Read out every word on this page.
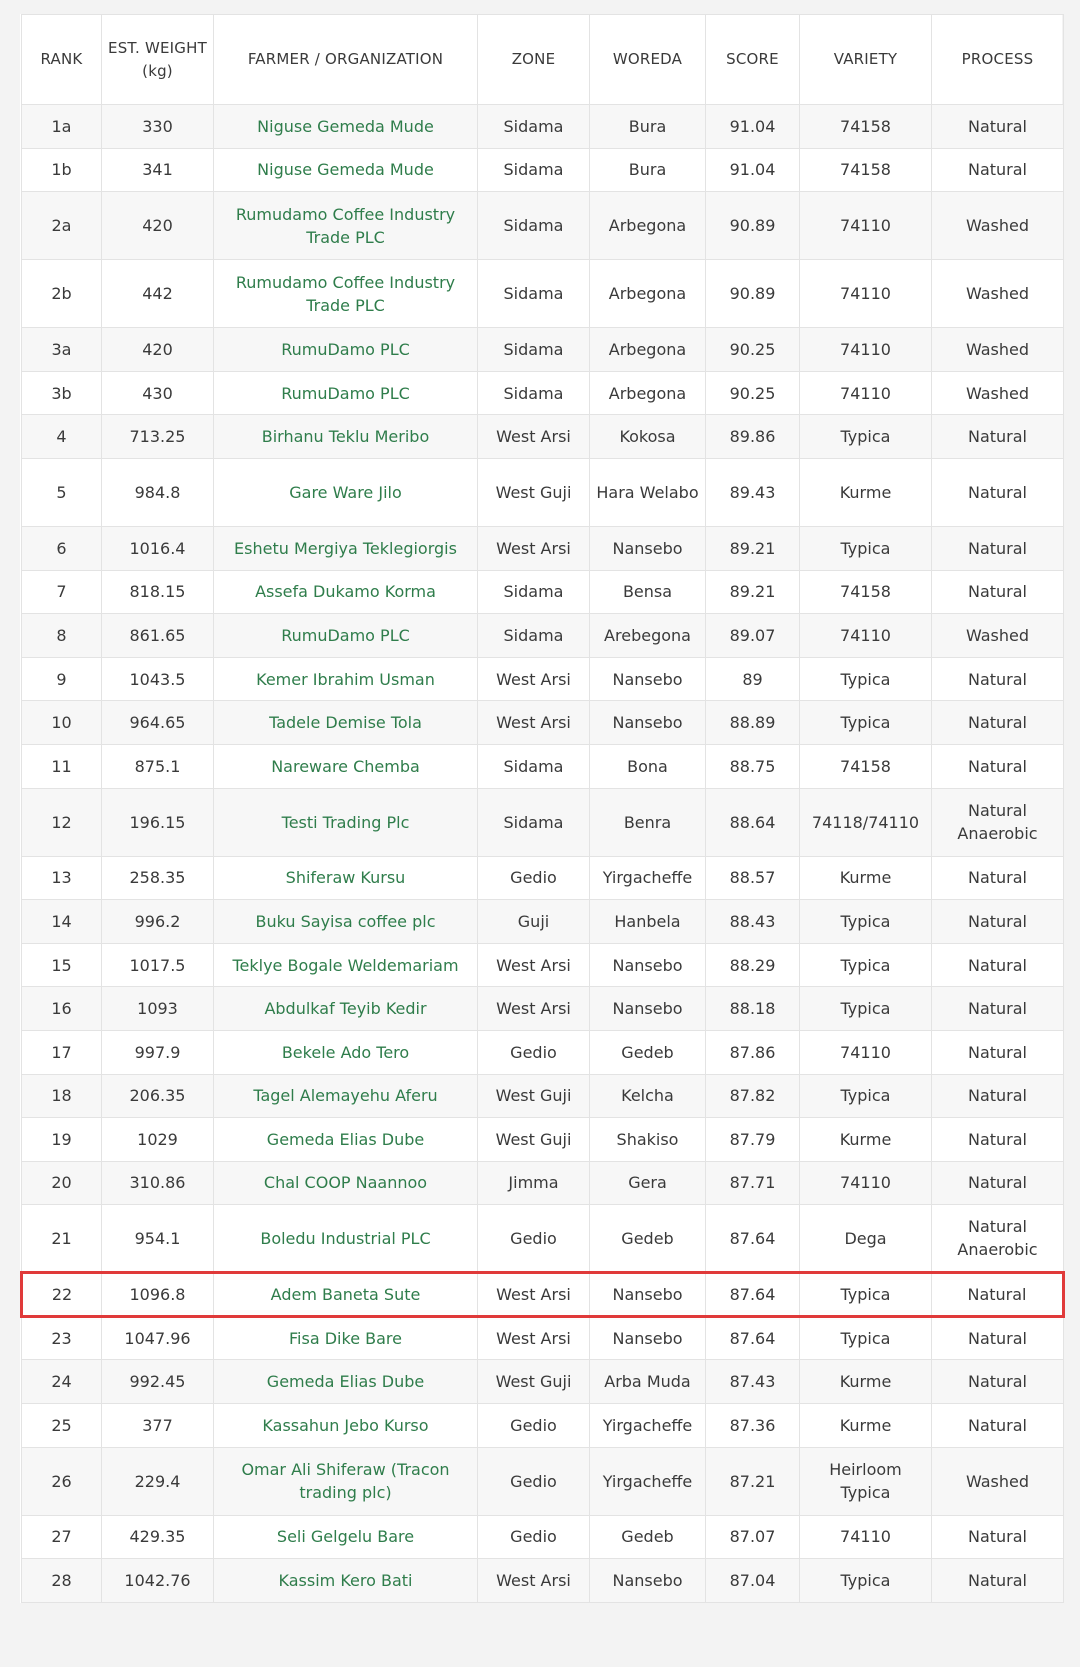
RANK	EST. WEIGHT (kg)	FARMER / ORGANIZATION	ZONE	WOREDA	SCORE	VARIETY	PROCESS
1a	330	Niguse Gemeda Mude	Sidama	Bura	91.04	74158	Natural
1b	341	Niguse Gemeda Mude	Sidama	Bura	91.04	74158	Natural
2a	420	Rumudamo Coffee Industry Trade PLC	Sidama	Arbegona	90.89	74110	Washed
2b	442	Rumudamo Coffee Industry Trade PLC	Sidama	Arbegona	90.89	74110	Washed
3a	420	RumuDamo PLC	Sidama	Arbegona	90.25	74110	Washed
3b	430	RumuDamo PLC	Sidama	Arbegona	90.25	74110	Washed
4	713.25	Birhanu Teklu Meribo	West Arsi	Kokosa	89.86	Typica	Natural
5	984.8	Gare Ware Jilo	West Guji	Hara Welabo	89.43	Kurme	Natural
6	1016.4	Eshetu Mergiya Teklegiorgis	West Arsi	Nansebo	89.21	Typica	Natural
7	818.15	Assefa Dukamo Korma	Sidama	Bensa	89.21	74158	Natural
8	861.65	RumuDamo PLC	Sidama	Arebegona	89.07	74110	Washed
9	1043.5	Kemer Ibrahim Usman	West Arsi	Nansebo	89	Typica	Natural
10	964.65	Tadele Demise Tola	West Arsi	Nansebo	88.89	Typica	Natural
11	875.1	Nareware Chemba	Sidama	Bona	88.75	74158	Natural
12	196.15	Testi Trading Plc	Sidama	Benra	88.64	74118/74110	Natural Anaerobic
13	258.35	Shiferaw Kursu	Gedio	Yirgacheffe	88.57	Kurme	Natural
14	996.2	Buku Sayisa coffee plc	Guji	Hanbela	88.43	Typica	Natural
15	1017.5	Teklye Bogale Weldemariam	West Arsi	Nansebo	88.29	Typica	Natural
16	1093	Abdulkaf Teyib Kedir	West Arsi	Nansebo	88.18	Typica	Natural
17	997.9	Bekele Ado Tero	Gedio	Gedeb	87.86	74110	Natural
18	206.35	Tagel Alemayehu Aferu	West Guji	Kelcha	87.82	Typica	Natural
19	1029	Gemeda Elias Dube	West Guji	Shakiso	87.79	Kurme	Natural
20	310.86	Chal COOP Naannoo	Jimma	Gera	87.71	74110	Natural
21	954.1	Boledu Industrial PLC	Gedio	Gedeb	87.64	Dega	Natural Anaerobic
22	1096.8	Adem Baneta Sute	West Arsi	Nansebo	87.64	Typica	Natural
23	1047.96	Fisa Dike Bare	West Arsi	Nansebo	87.64	Typica	Natural
24	992.45	Gemeda Elias Dube	West Guji	Arba Muda	87.43	Kurme	Natural
25	377	Kassahun Jebo Kurso	Gedio	Yirgacheffe	87.36	Kurme	Natural
26	229.4	Omar Ali Shiferaw (Tracon trading plc)	Gedio	Yirgacheffe	87.21	Heirloom Typica	Washed
27	429.35	Seli Gelgelu Bare	Gedio	Gedeb	87.07	74110	Natural
28	1042.76	Kassim Kero Bati	West Arsi	Nansebo	87.04	Typica	Natural
